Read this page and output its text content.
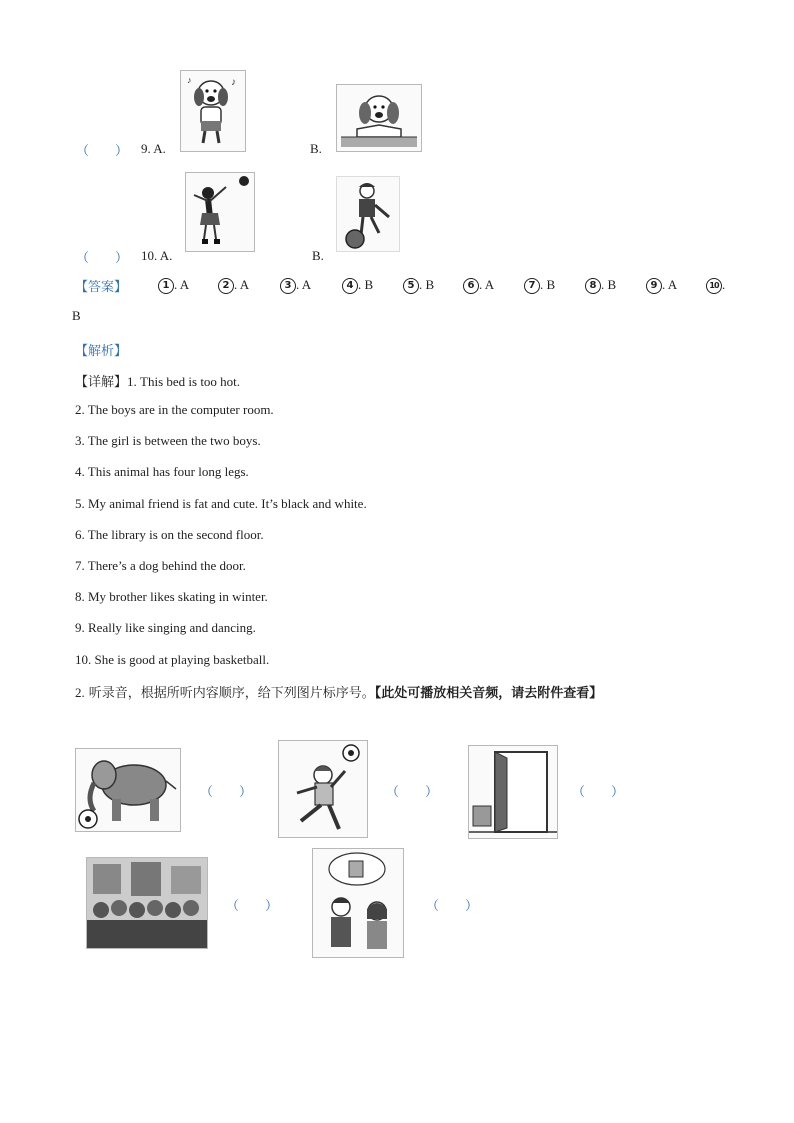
♪
♪
（　　） 9. A.	B.
（　　） 10. A.	B.
【答案】	1 . A	2 . A	3 . A	4 . B	5 . B	6 . A	7 . B	8 . B	9 . A	10 .
B
【解析】
【详解】1. This bed is too hot.
2. The boys are in the computer room.
3. The girl is between the two boys.
4. This animal has four long legs.
5. My animal friend is fat and cute. It’s black and white.
6. The library is on the second floor.
7. There’s a dog behind the door.
8. My brother likes skating in winter.
9. Really like singing and dancing.
10. She is good at playing basketball.
2. 听录音，根据所听内容顺序，给下列图片标序号。【此处可播放相关音频，请去附件查看】
（　　）	（　　）	（　　）
（　　）	（　　）
